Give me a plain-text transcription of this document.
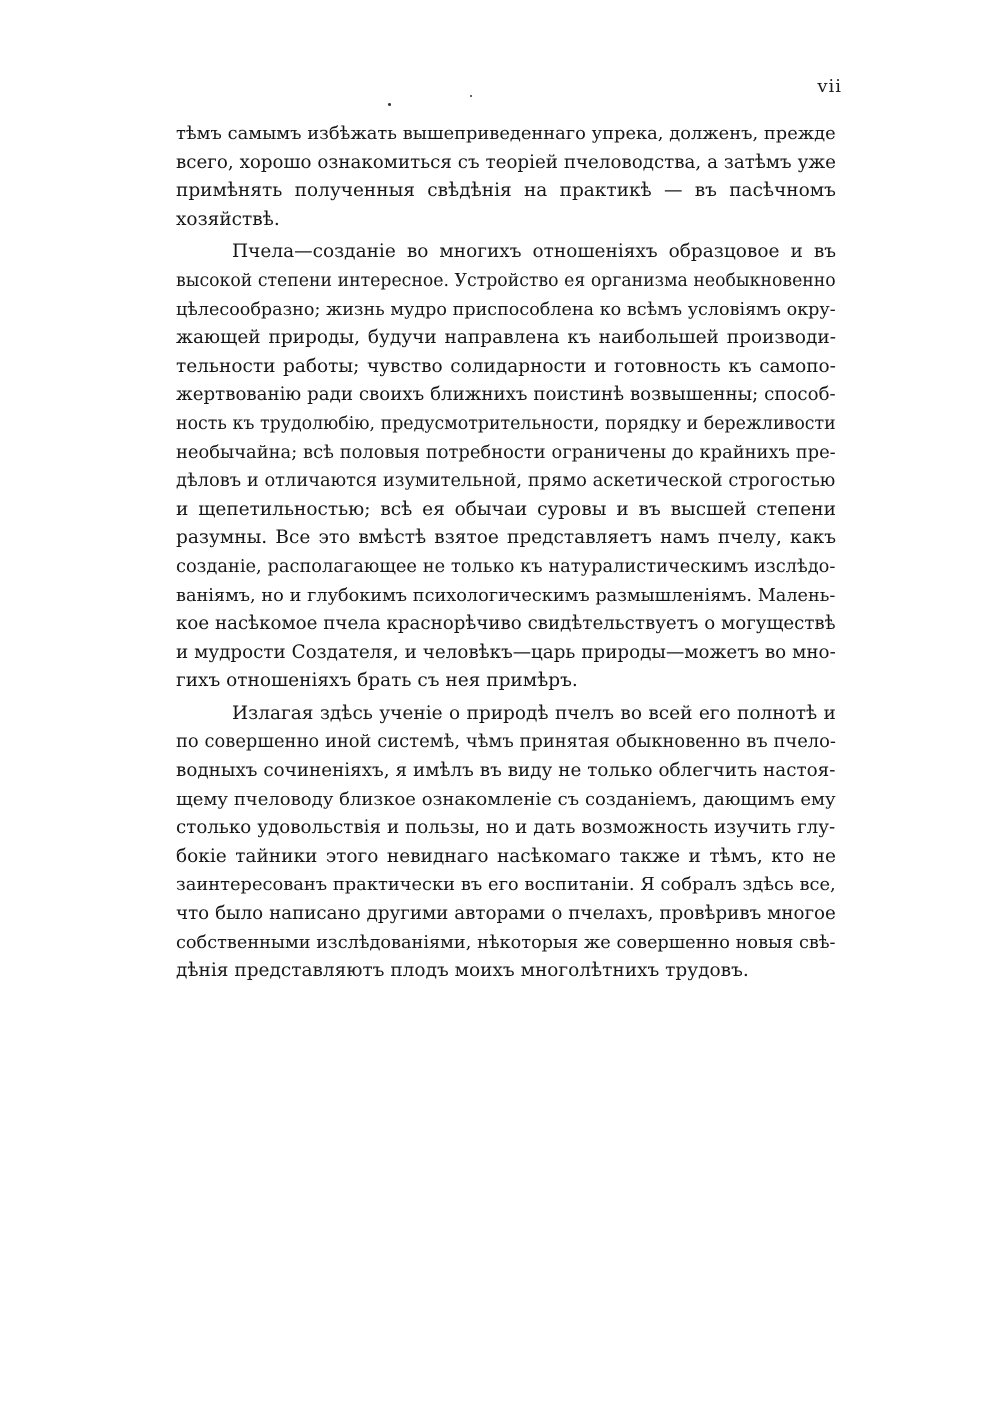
vii
тѣмъ самымъ избѣжать вышеприведеннаго упрека, долженъ, прежде
всего, хорошо ознакомиться съ теоріей пчеловодства, а затѣмъ уже
примѣнять полученныя свѣдѣнія на практикѣ — въ пасѣчномъ
хозяйствѣ.
Пчела—созданіе во многихъ отношеніяхъ образцовое и въ
высокой степени интересное. Устройство ея организма необыкновенно
цѣлесообразно; жизнь мудро приспособлена ко всѣмъ условіямъ окру-
жающей природы, будучи направлена къ наибольшей производи-
тельности работы; чувство солидарности и готовность къ самопо-
жертвованію ради своихъ ближнихъ поистинѣ возвышенны; способ-
ность къ трудолюбію, предусмотрительности, порядку и бережливости
необычайна; всѣ половыя потребности ограничены до крайнихъ пре-
дѣловъ и отличаются изумительной, прямо аскетической строгостью
и щепетильностью; всѣ ея обычаи суровы и въ высшей степени
разумны. Все это вмѣстѣ взятое представляетъ намъ пчелу, какъ
созданіе, располагающее не только къ натуралистическимъ изслѣдо-
ваніямъ, но и глубокимъ психологическимъ размышленіямъ. Малень-
кое насѣкомое пчела краснорѣчиво свидѣтельствуетъ о могуществѣ
и мудрости Создателя, и человѣкъ—царь природы—можетъ во мно-
гихъ отношеніяхъ брать съ нея примѣръ.
Излагая здѣсь ученіе о природѣ пчелъ во всей его полнотѣ и
по совершенно иной системѣ, чѣмъ принятая обыкновенно въ пчело-
водныхъ сочиненіяхъ, я имѣлъ въ виду не только облегчить настоя-
щему пчеловоду близкое ознакомленіе съ созданіемъ, дающимъ ему
столько удовольствія и пользы, но и дать возможность изучить глу-
бокіе тайники этого невиднаго насѣкомаго также и тѣмъ, кто не
заинтересованъ практически въ его воспитаніи. Я собралъ здѣсь все,
что было написано другими авторами о пчелахъ, провѣривъ многое
собственными изслѣдованіями, нѣкоторыя же совершенно новыя свѣ-
дѣнія представляютъ плодъ моихъ многолѣтнихъ трудовъ.
